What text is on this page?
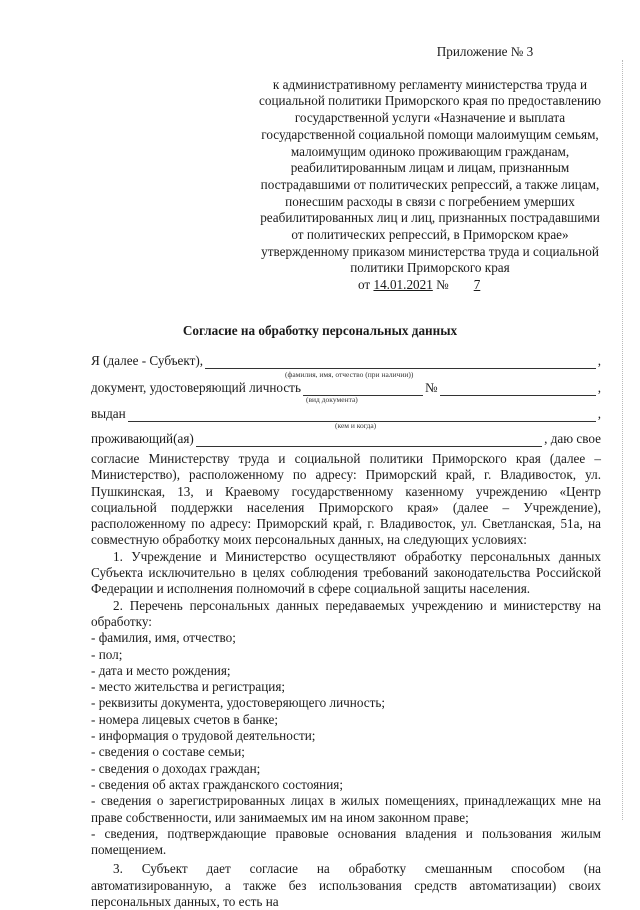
Приложение № 3
к административному регламенту министерства труда и
социальной политики Приморского края по предоставлению
государственной услуги «Назначение и выплата
государственной социальной помощи малоимущим семьям,
малоимущим одиноко проживающим гражданам,
реабилитированным лицам и лицам, признанным
пострадавшими от политических репрессий, а также лицам,
понесшим расходы в связи с погребением умерших
реабилитированных лиц и лиц, признанных пострадавшими
от политических репрессий, в Приморском крае»
утвержденному приказом министерства труда и социальной
политики Приморского края
от 14.01.2021 № 7
Согласие на обработку персональных данных
Я (далее - Субъект),	,
(фамилия, имя, отчество (при наличии))
документ, удостоверяющий личность	№	,
(вид документа)
выдан	,
(кем и когда)
проживающий(ая)	, даю свое

согласие Министерству труда и социальной политики Приморского края (далее – Министерство), расположенному по адресу: Приморский край, г. Владивосток, ул. Пушкинская, 13, и Краевому государственному казенному учреждению «Центр социальной поддержки населения Приморского края» (далее – Учреждение), расположенному по адресу: Приморский край, г. Владивосток, ул. Светланская, 51а, на совместную обработку моих персональных данных, на следующих условиях:

1. Учреждение и Министерство осуществляют обработку персональных данных Субъекта исключительно в целях соблюдения требований законодательства Российской Федерации и исполнения полномочий в сфере социальной защиты населения.

2. Перечень персональных данных передаваемых учреждению и министерству на обработку:

- фамилия, имя, отчество;

- пол;

- дата и место рождения;

- место жительства и регистрация;

- реквизиты документа, удостоверяющего личность;

- номера лицевых счетов в банке;

- информация о трудовой деятельности;

- сведения о составе семьи;

- сведения о доходах граждан;

- сведения об актах гражданского состояния;

- сведения о зарегистрированных лицах в жилых помещениях, принадлежащих мне на праве собственности, или занимаемых им на ином законном праве;

- сведения, подтверждающие правовые основания владения и пользования жилым помещением.

3. Субъект дает согласие на обработку смешанным способом (на автоматизированную, а также без использования средств автоматизации) своих персональных данных, то есть на
